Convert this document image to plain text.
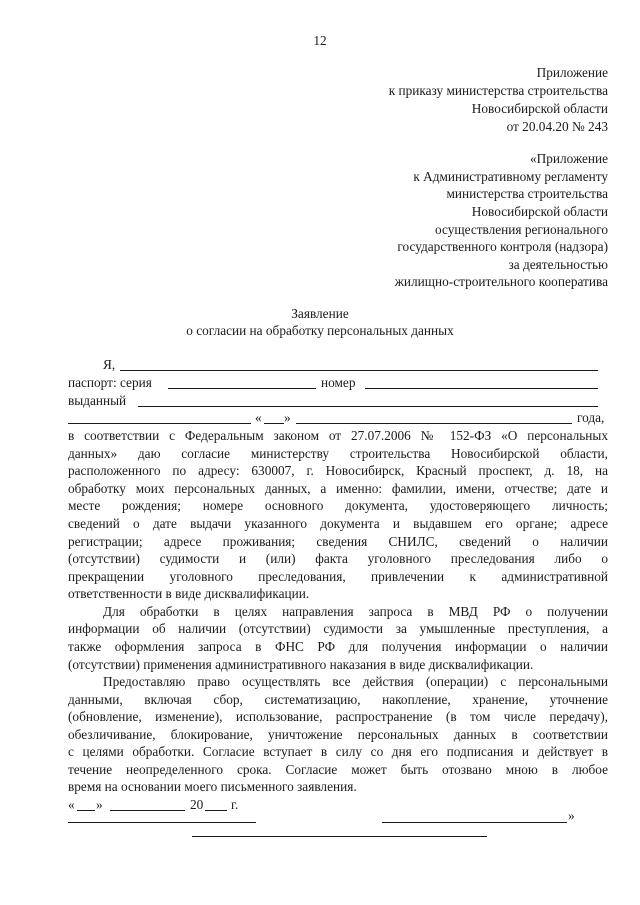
12
Приложение
к приказу министерства строительства
Новосибирской области
от 20.04.20 № 243
«Приложение
к Административному регламенту
министерства строительства
Новосибирской области
осуществления регионального
государственного контроля (надзора)
за деятельностью
жилищно-строительного кооператива
Заявление
о согласии на обработку персональных данных
Я,
паспорт: серия	номер
выданный
« »	года,
в соответствии с Федеральным законом от 27.07.2006 № 152-ФЗ «О персональных
данных» даю согласие министерству строительства Новосибирской области,
расположенного по адресу: 630007, г. Новосибирск, Красный проспект, д. 18, на
обработку моих персональных данных, а именно: фамилии, имени, отчестве; дате и
месте рождения; номере основного документа, удостоверяющего личность;
сведений о дате выдачи указанного документа и выдавшем его органе; адресе
регистрации; адресе проживания; сведения СНИЛС, сведений о наличии
(отсутствии) судимости и (или) факта уголовного преследования либо о
прекращении уголовного преследования, привлечении к административной
ответственности в виде дисквалификации.
Для обработки в целях направления запроса в МВД РФ о получении
информации об наличии (отсутствии) судимости за умышленные преступления, а
также оформления запроса в ФНС РФ для получения информации о наличии
(отсутствии) применения административного наказания в виде дисквалификации.
Предоставляю право осуществлять все действия (операции) с персональными
данными, включая сбор, систематизацию, накопление, хранение, уточнение
(обновление, изменение), использование, распространение (в том числе передачу),
обезличивание, блокирование, уничтожение персональных данных в соответствии
с целями обработки. Согласие вступает в силу со дня его подписания и действует в
течение неопределенного срока. Согласие может быть отозвано мною в любое
время на основании моего письменного заявления.
« »	20 г.
»
